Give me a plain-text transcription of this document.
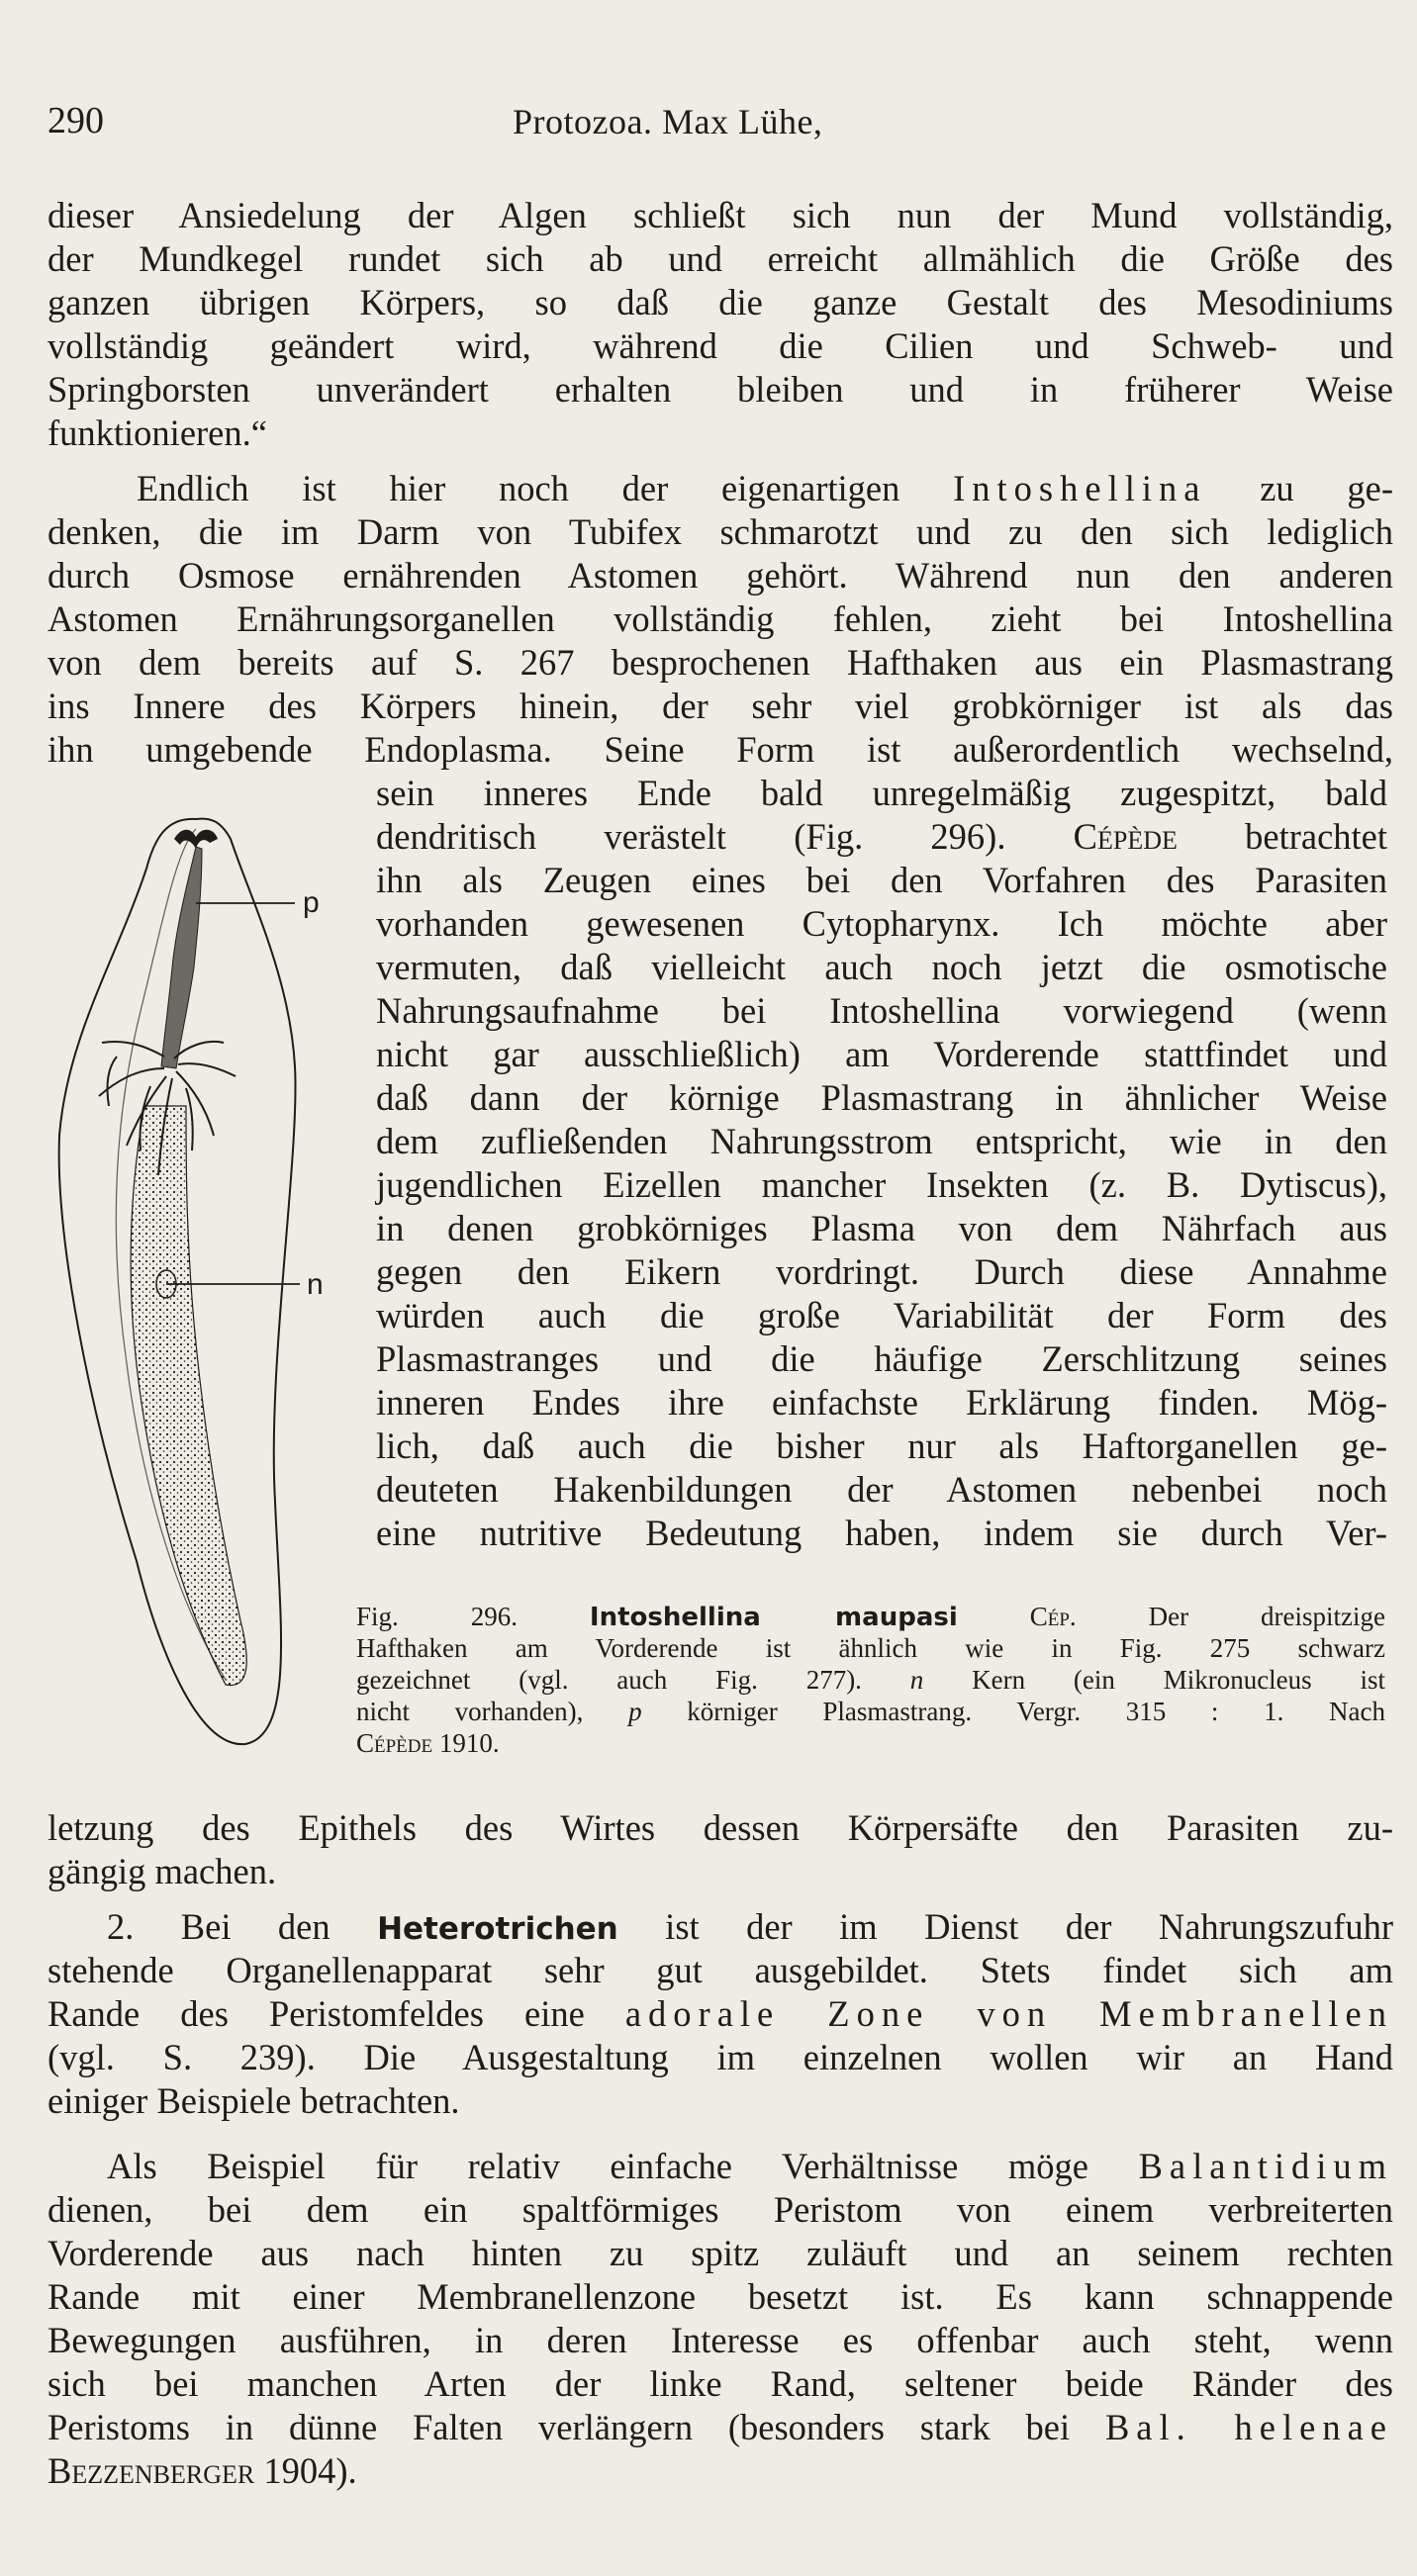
290	Protozoa. Max Lühe,
dieser Ansiedelung der Algen schließt sich nun der Mund vollständig,
der Mundkegel rundet sich ab und erreicht allmählich die Größe des
ganzen übrigen Körpers, so daß die ganze Gestalt des Mesodiniums
vollständig geändert wird, während die Cilien und Schweb- und
Springborsten unverändert erhalten bleiben und in früherer Weise
funktionieren.“
Endlich ist hier noch der eigenartigen Intoshellina zu ge-
denken, die im Darm von Tubifex schmarotzt und zu den sich lediglich
durch Osmose ernährenden Astomen gehört. Während nun den anderen
Astomen Ernährungsorganellen vollständig fehlen, zieht bei Intoshellina
von dem bereits auf S. 267 besprochenen Hafthaken aus ein Plasmastrang
ins Innere des Körpers hinein, der sehr viel grobkörniger ist als das
ihn umgebende Endoplasma. Seine Form ist außerordentlich wechselnd,
sein inneres Ende bald unregelmäßig zugespitzt, bald
dendritisch verästelt (Fig. 296). Cépède betrachtet
ihn als Zeugen eines bei den Vorfahren des Parasiten
vorhanden gewesenen Cytopharynx. Ich möchte aber
vermuten, daß vielleicht auch noch jetzt die osmotische
Nahrungsaufnahme bei Intoshellina vorwiegend (wenn
nicht gar ausschließlich) am Vorderende stattfindet und
daß dann der körnige Plasmastrang in ähnlicher Weise
dem zufließenden Nahrungsstrom entspricht, wie in den
jugendlichen Eizellen mancher Insekten (z. B. Dytiscus),
in denen grobkörniges Plasma von dem Nährfach aus
gegen den Eikern vordringt. Durch diese Annahme
würden auch die große Variabilität der Form des
Plasmastranges und die häufige Zerschlitzung seines
inneren Endes ihre einfachste Erklärung finden. Mög-
lich, daß auch die bisher nur als Haftorganellen ge-
deuteten Hakenbildungen der Astomen nebenbei noch
eine nutritive Bedeutung haben, indem sie durch Ver-
p
n
Fig. 296.	Intoshellina maupasi	Cép.	Der dreispitzige
Hafthaken am Vorderende ist ähnlich wie in Fig. 275 schwarz
gezeichnet (vgl. auch Fig. 277). n Kern (ein Mikronucleus ist
nicht vorhanden), p körniger Plasmastrang. Vergr. 315 : 1. Nach
Cépède 1910.
letzung des Epithels des Wirtes dessen Körpersäfte den Parasiten zu-
gängig machen.
2. Bei den Heterotrichen ist der im Dienst der Nahrungszufuhr
stehende Organellenapparat sehr gut ausgebildet. Stets findet sich am
Rande des Peristomfeldes eine adorale Zone von Membranellen
(vgl. S. 239). Die Ausgestaltung im einzelnen wollen wir an Hand
einiger Beispiele betrachten.
Als Beispiel für relativ einfache Verhältnisse möge Balantidium
dienen, bei dem ein spaltförmiges Peristom von einem verbreiterten
Vorderende aus nach hinten zu spitz zuläuft und an seinem rechten
Rande mit einer Membranellenzone besetzt ist. Es kann schnappende
Bewegungen ausführen, in deren Interesse es offenbar auch steht, wenn
sich bei manchen Arten der linke Rand, seltener beide Ränder des
Peristoms in dünne Falten verlängern (besonders stark bei Bal. helenae
Bezzenberger 1904).
